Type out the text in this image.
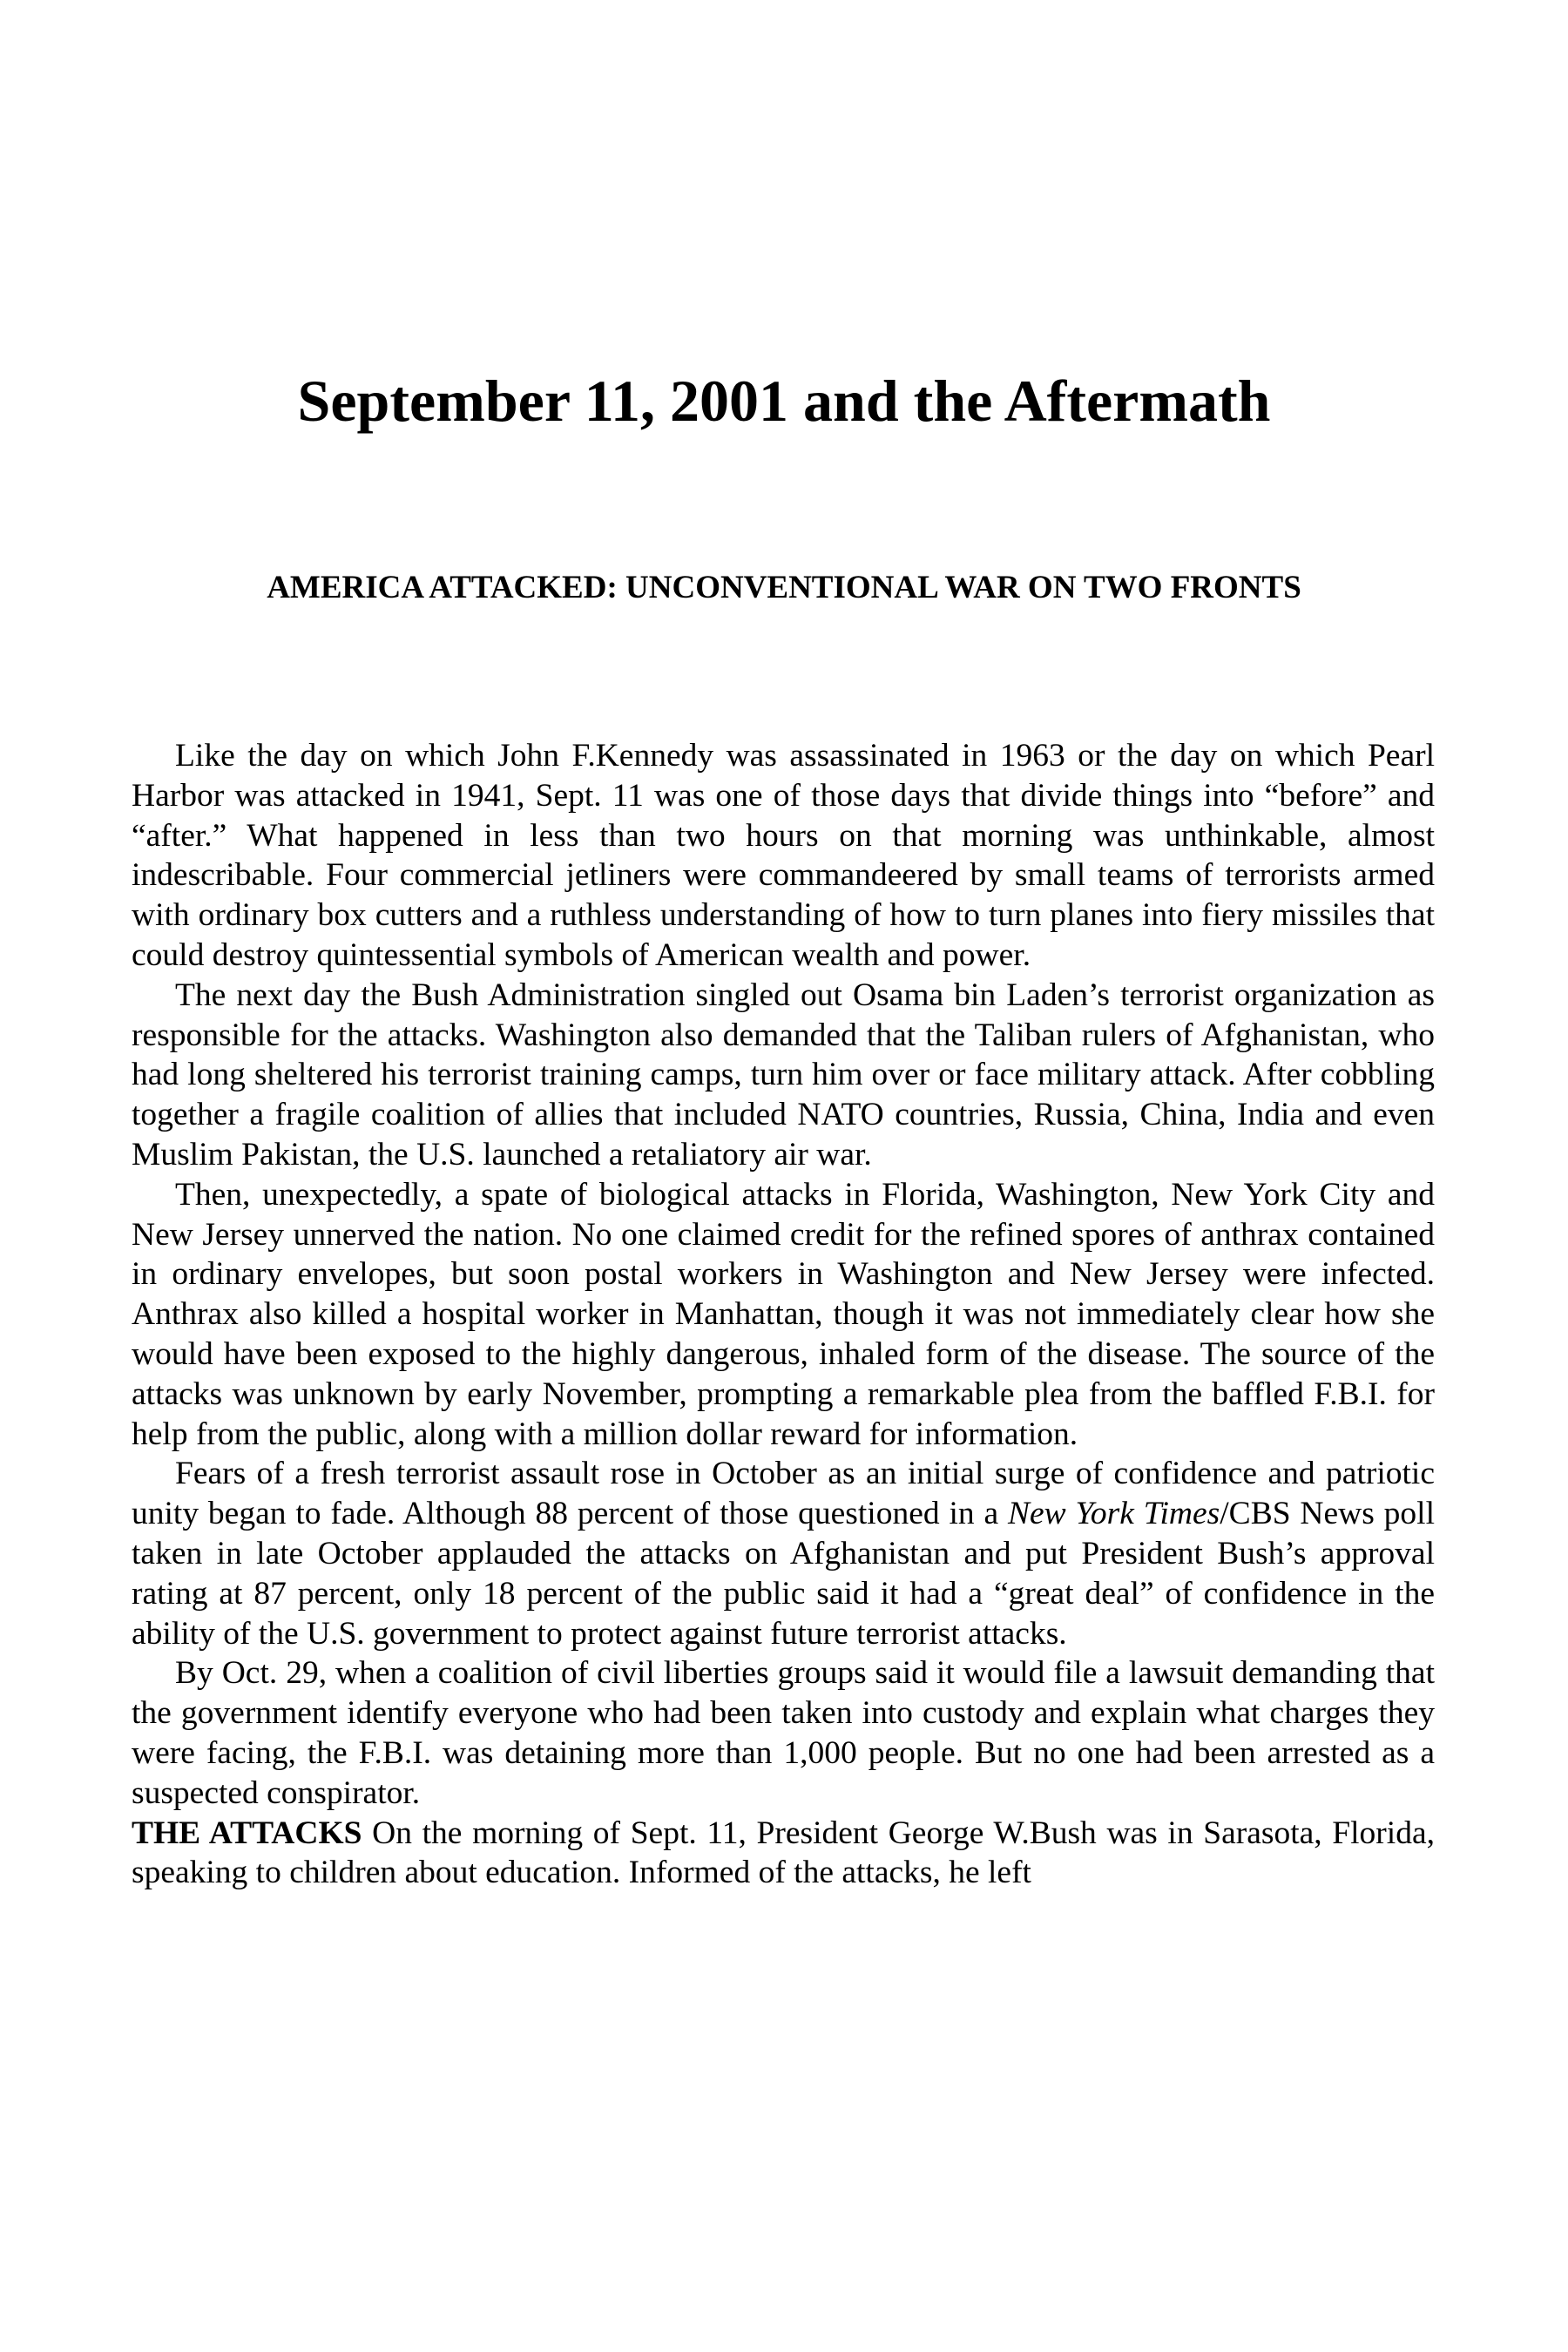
September 11, 2001 and the Aftermath
AMERICA ATTACKED: UNCONVENTIONAL WAR ON TWO FRONTS

Like the day on which John F.Kennedy was assassinated in 1963 or the day on which Pearl Harbor was attacked in 1941, Sept. 11 was one of those days that divide things into “before” and “after.” What happened in less than two hours on that morning was unthinkable, almost indescribable. Four commercial jetliners were commandeered by small teams of terrorists armed with ordinary box cutters and a ruthless understanding of how to turn planes into fiery missiles that could destroy quintessential symbols of American wealth and power.

The next day the Bush Administration singled out Osama bin Laden’s terrorist organization as responsible for the attacks. Washington also demanded that the Taliban rulers of Afghanistan, who had long sheltered his terrorist training camps, turn him over or face military attack. After cobbling together a fragile coalition of allies that included NATO countries, Russia, China, India and even Muslim Pakistan, the U.S. launched a retaliatory air war.

Then, unexpectedly, a spate of biological attacks in Florida, Washington, New York City and New Jersey unnerved the nation. No one claimed credit for the refined spores of anthrax contained in ordinary envelopes, but soon postal workers in Washington and New Jersey were infected. Anthrax also killed a hospital worker in Manhattan, though it was not immediately clear how she would have been exposed to the highly dangerous, inhaled form of the disease. The source of the attacks was unknown by early November, prompting a remarkable plea from the baffled F.B.I. for help from the public, along with a million dollar reward for information.

Fears of a fresh terrorist assault rose in October as an initial surge of confidence and patriotic unity began to fade. Although 88 percent of those questioned in a New York Times/CBS News poll taken in late October applauded the attacks on Afghanistan and put President Bush’s approval rating at 87 percent, only 18 percent of the public said it had a “great deal” of confidence in the ability of the U.S. government to protect against future terrorist attacks.

By Oct. 29, when a coalition of civil liberties groups said it would file a lawsuit demanding that the government identify everyone who had been taken into custody and explain what charges they were facing, the F.B.I. was detaining more than 1,000 people. But no one had been arrested as a suspected conspirator.

THE ATTACKS On the morning of Sept. 11, President George W.Bush was in Sarasota, Florida, speaking to children about education. Informed of the attacks, he left
